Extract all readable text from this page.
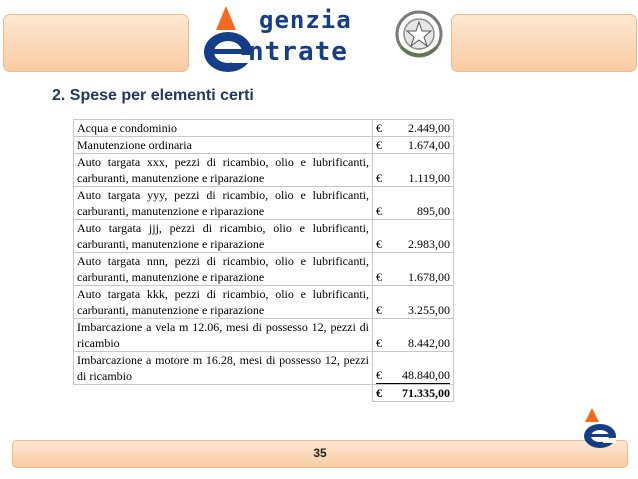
genzia
ntrate
2. Spese per elementi certi
Acqua e condominio	€ 2.449,00

Manutenzione ordinaria	€ 1.674,00

Auto targata xxx, pezzi di ricambio, olio e lubrificanti, carburanti, manutenzione e riparazione	€ 1.119,00

Auto targata yyy, pezzi di ricambio, olio e lubrificanti, carburanti, manutenzione e riparazione	€ 895,00

Auto targata jjj, pezzi di ricambio, olio e lubrificanti, carburanti, manutenzione e riparazione	€ 2.983,00

Auto targata nnn, pezzi di ricambio, olio e lubrificanti, carburanti, manutenzione e riparazione	€ 1.678,00

Auto targata kkk, pezzi di ricambio, olio e lubrificanti, carburanti, manutenzione e riparazione	€ 3.255,00

Imbarcazione a vela m 12.06, mesi di possesso 12, pezzi di ricambio	€ 8.442,00

Imbarcazione a motore m 16.28, mesi di possesso 12, pezzi di ricambio	€ 48.840,00

	€ 71.335,00
35
